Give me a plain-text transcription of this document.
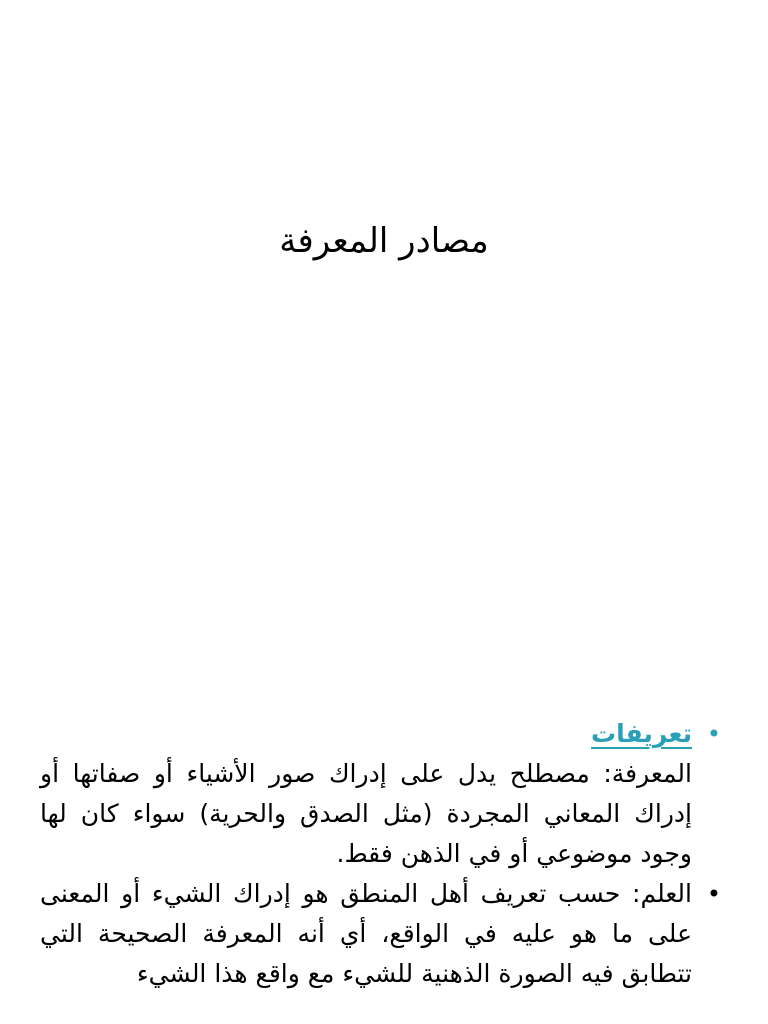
مصادر المعرفة
•
تعريفات
المعرفة: مصطلح يدل على إدراك صور الأشياء أو صفاتها أو إدراك المعاني المجردة (مثل الصدق والحرية) سواء كان لها وجود موضوعي أو في الذهن فقط.
•
العلم: حسب تعريف أهل المنطق هو إدراك الشيء أو المعنى على ما هو عليه في الواقع، أي أنه المعرفة الصحيحة التي تتطابق فيه الصورة الذهنية للشيء مع واقع هذا الشيء
